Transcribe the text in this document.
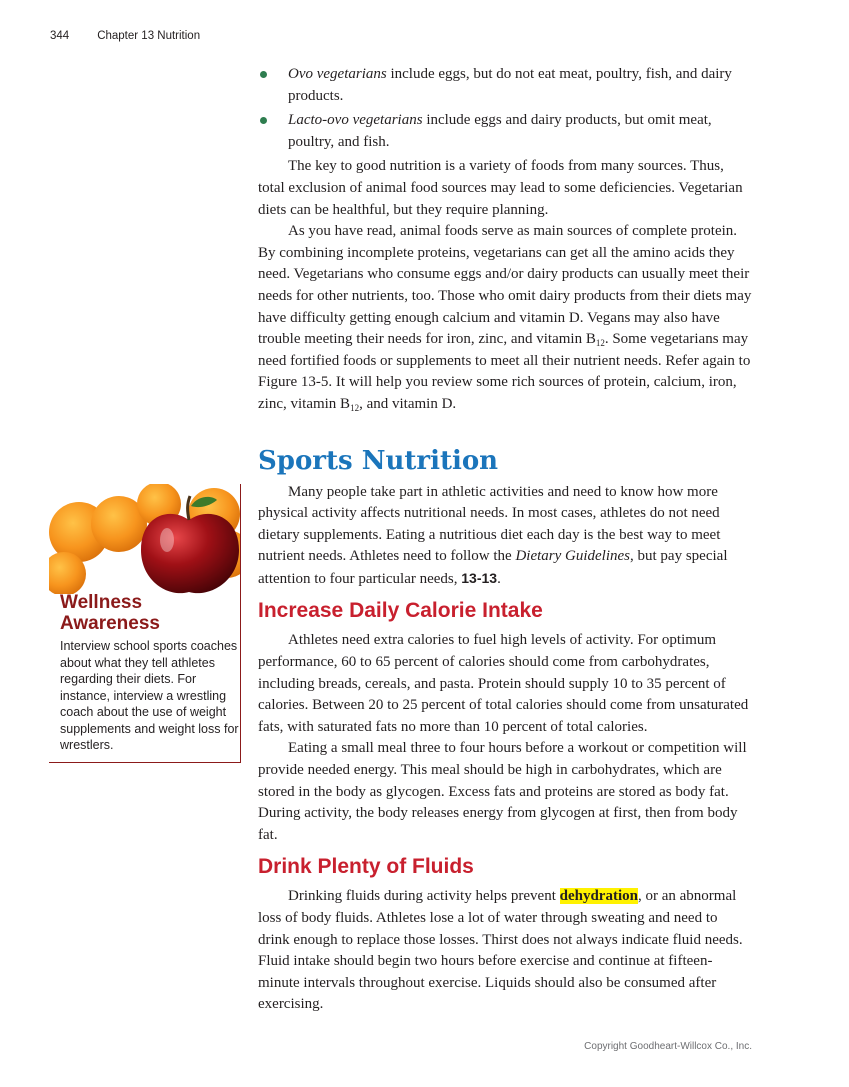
344 Chapter 13 Nutrition
Ovo vegetarians include eggs, but do not eat meat, poultry, fish, and dairy products.
Lacto-ovo vegetarians include eggs and dairy products, but omit meat, poultry, and fish.

The key to good nutrition is a variety of foods from many sources. Thus, total exclusion of animal food sources may lead to some deficiencies. Vegetarian diets can be healthful, but they require planning.

As you have read, animal foods serve as main sources of complete protein. By combining incomplete proteins, vegetarians can get all the amino acids they need. Vegetarians who consume eggs and/or dairy products can usually meet their needs for other nutrients, too. Those who omit dairy products from their diets may have difficulty getting enough calcium and vitamin D. Vegans may also have trouble meeting their needs for iron, zinc, and vitamin $B_{12}$. Some vegetarians may need fortified foods or supplements to meet all their nutrient needs. Refer again to Figure 13-5. It will help you review some rich sources of protein, calcium, iron, zinc, vitamin $B_{12}$, and vitamin D.

Sports Nutrition

Many people take part in athletic activities and need to know how more physical activity affects nutritional needs. In most cases, athletes do not need dietary supplements. Eating a nutritious diet each day is the best way to meet nutrient needs. Athletes need to follow the Dietary Guidelines, but pay special attention to four particular needs, 13-13.

Increase Daily Calorie Intake

Athletes need extra calories to fuel high levels of activity. For optimum performance, 60 to 65 percent of calories should come from carbohydrates, including breads, cereals, and pasta. Protein should supply 10 to 35 percent of calories. Between 20 to 25 percent of total calories should come from unsaturated fats, with saturated fats no more than 10 percent of total calories.

Eating a small meal three to four hours before a workout or competition will provide needed energy. This meal should be high in carbohydrates, which are stored in the body as glycogen. Excess fats and proteins are stored as body fat. During activity, the body releases energy from glycogen at first, then from body fat.

Drink Plenty of Fluids

Drinking fluids during activity helps prevent dehydration, or an abnormal loss of body fluids. Athletes lose a lot of water through sweating and need to drink enough to replace those losses. Thirst does not always indicate fluid needs. Fluid intake should begin two hours before exercise and continue at fifteen-minute intervals throughout exercise. Liquids should also be consumed after exercising.

Wellness
Awareness
Interview school sports coaches about what they tell athletes regarding their diets. For instance, interview a wrestling coach about the use of weight supplements and weight loss for wrestlers.
Copyright Goodheart-Willcox Co., Inc.
